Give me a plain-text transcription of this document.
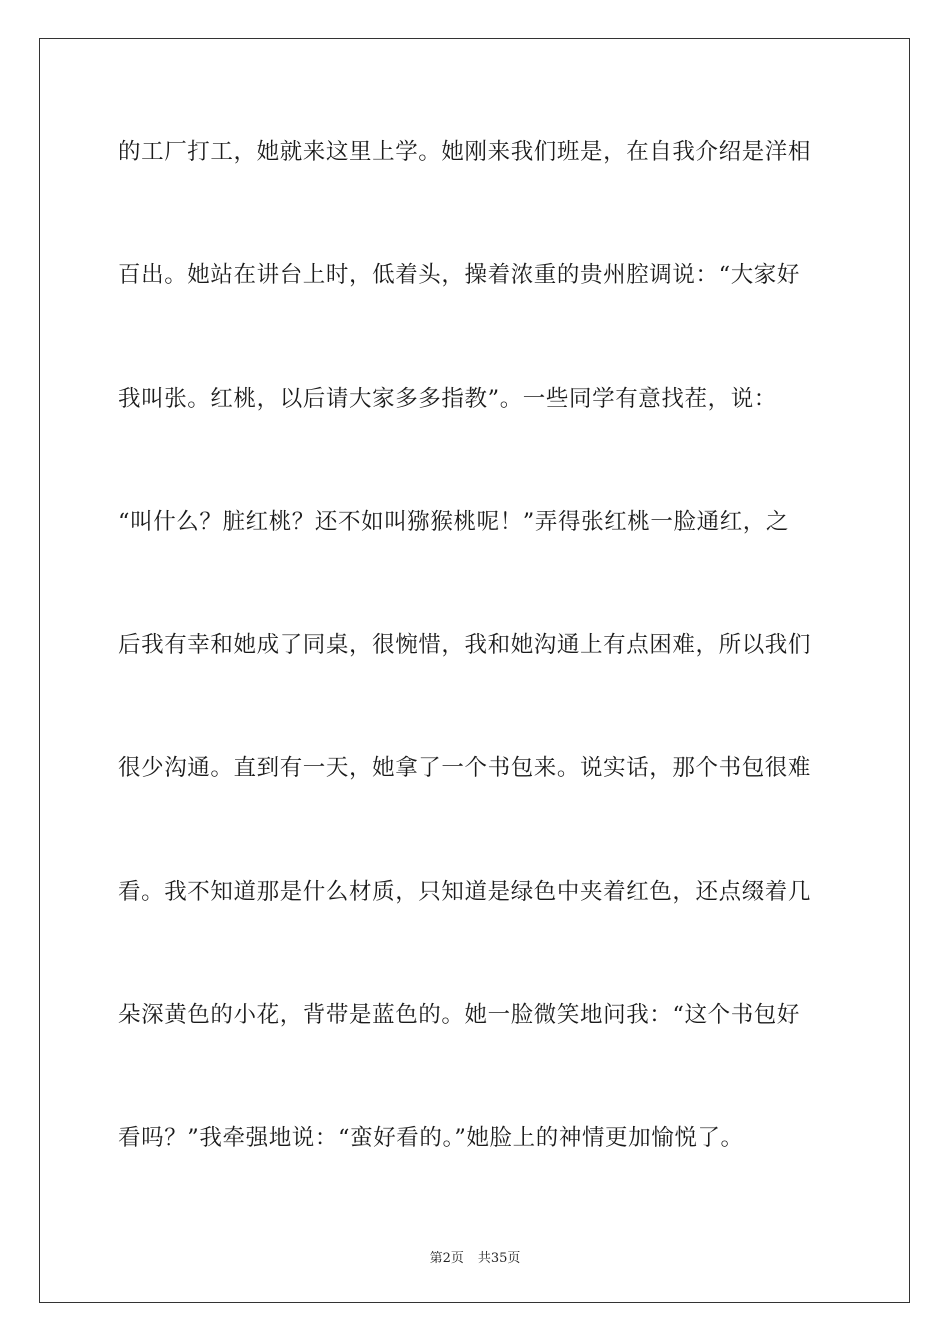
的工厂打工，她就来这里上学。她刚来我们班是，在自我介绍是洋相
百出。她站在讲台上时，低着头，操着浓重的贵州腔调说：“大家好
我叫张。红桃，以后请大家多多指教”。一些同学有意找茬，说：
“叫什么？脏红桃？还不如叫猕猴桃呢！”弄得张红桃一脸通红，之
后我有幸和她成了同桌，很惋惜，我和她沟通上有点困难，所以我们
很少沟通。直到有一天，她拿了一个书包来。说实话，那个书包很难
看。我不知道那是什么材质，只知道是绿色中夹着红色，还点缀着几
朵深黄色的小花，背带是蓝色的。她一脸微笑地问我：“这个书包好
看吗？”我牵强地说：“蛮好看的。”她脸上的神情更加愉悦了。
第2页 共35页
